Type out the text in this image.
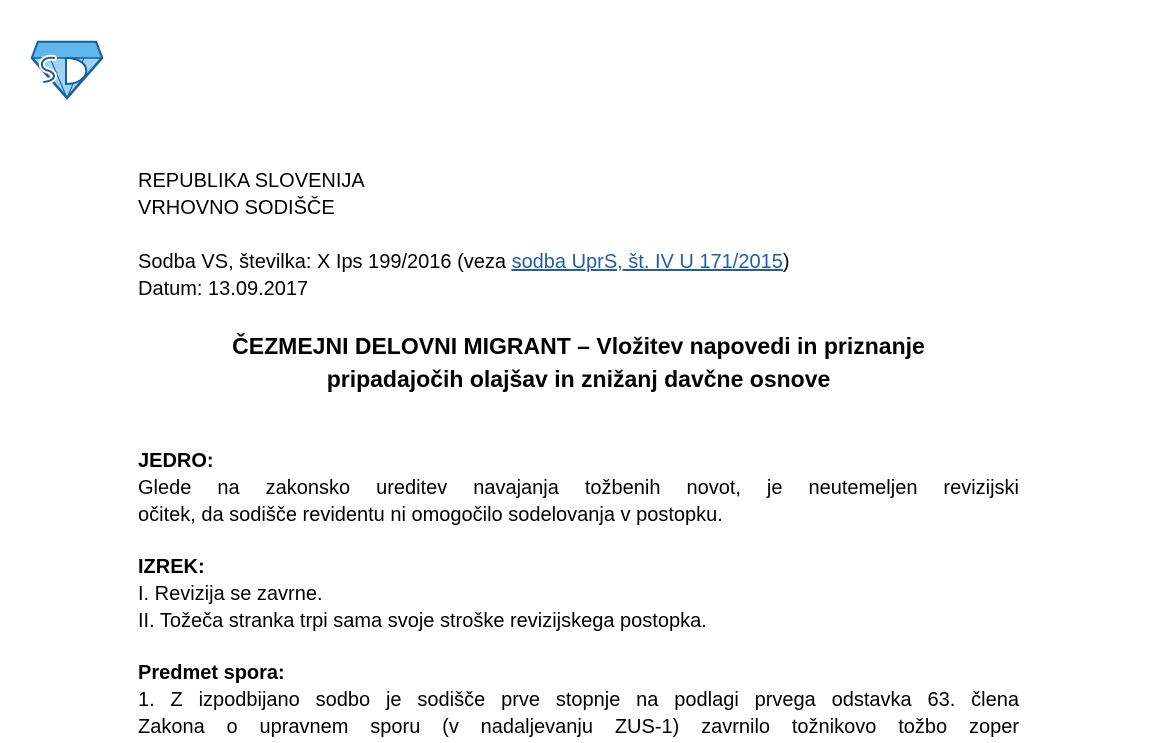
REPUBLIKA SLOVENIJA
VRHOVNO SODIŠČE
Sodba VS, številka: X Ips 199/2016 (veza sodba UprS, št. IV U 171/2015)
Datum: 13.09.2017
ČEZMEJNI DELOVNI MIGRANT – Vložitev napovedi in priznanje
pripadajočih olajšav in znižanj davčne osnove
JEDRO:
Glede na zakonsko ureditev navajanja tožbenih novot, je neutemeljen revizijski
očitek, da sodišče revidentu ni omogočilo sodelovanja v postopku.
IZREK:
I. Revizija se zavrne.
II. Tožeča stranka trpi sama svoje stroške revizijskega postopka.
Predmet spora:
1. Z izpodbijano sodbo je sodišče prve stopnje na podlagi prvega odstavka 63. člena
Zakona o upravnem sporu (v nadaljevanju ZUS-1) zavrnilo tožnikovo tožbo zoper
